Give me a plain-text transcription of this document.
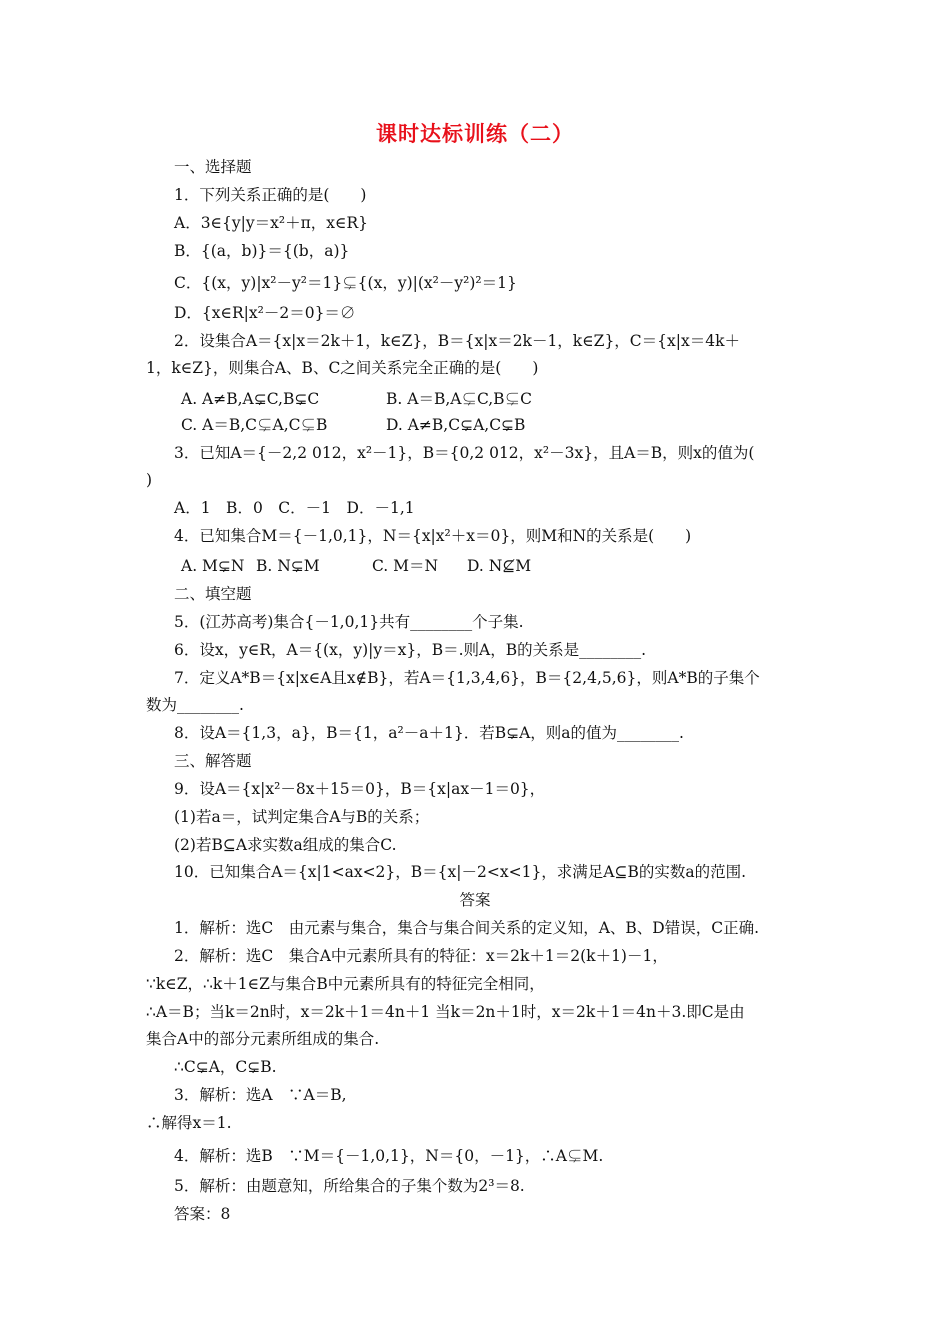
课时达标训练（二）
一、选择题
1．下列关系正确的是(　　)
A．3∈{y|y＝x²＋π，x∈R}
B．{(a，b)}＝{(b，a)}
C．{(x，y)|x²－y²＝1}⊊{(x，y)|(x²－y²)²＝1}
D．{x∈R|x²－2＝0}＝∅
2．设集合A＝{x|x＝2k＋1，k∈Z}，B＝{x|x＝2k－1，k∈Z}，C＝{x|x＝4k＋
1，k∈Z}，则集合A、B、C之间关系完全正确的是(　　)
A. A≠B,A⊊C,B⊊C	B. A＝B,A⊊C,B⊊C
C. A＝B,C⊊A,C⊊B	D. A≠B,C⊊A,C⊊B
3．已知A＝{－2,2 012，x²－1}，B＝{0,2 012，x²－3x}，且A＝B，则x的值为(
)
A．1　B．0　C．－1　D．－1,1
4．已知集合M＝{－1,0,1}，N＝{x|x²＋x＝0}，则M和N的关系是(　　)
A. M⊊N B. N⊊M	C. M＝N D. N⊈M
二、填空题
5．(江苏高考)集合{－1,0,1}共有________个子集.
6．设x，y∈R，A＝{(x，y)|y＝x}，B＝.则A，B的关系是________.
7．定义A*B＝{x|x∈A且x∉B}，若A＝{1,3,4,6}，B＝{2,4,5,6}，则A*B的子集个
数为________.
8．设A＝{1,3，a}，B＝{1，a²－a＋1}．若B⊊A，则a的值为________.
三、解答题
9．设A＝{x|x²－8x＋15＝0}，B＝{x|ax－1＝0}，
(1)若a＝，试判定集合A与B的关系；
(2)若B⊆A求实数a组成的集合C.
10．已知集合A＝{x|1<ax<2}，B＝{x|－2<x<1}，求满足A⊆B的实数a的范围.
答案
1．解析：选C　由元素与集合，集合与集合间关系的定义知，A、B、D错误，C正确.
2．解析：选C　集合A中元素所具有的特征：x＝2k＋1＝2(k＋1)－1，
∵k∈Z，∴k＋1∈Z与集合B中元素所具有的特征完全相同，
∴A＝B；当k＝2n时，x＝2k＋1＝4n＋1 当k＝2n＋1时，x＝2k＋1＝4n＋3.即C是由
集合A中的部分元素所组成的集合.
∴C⊊A，C⊊B.
3．解析：选A　∵A＝B,
∴解得x＝1.
4．解析：选B　∵M＝{－1,0,1}，N＝{0，－1}，∴A⊊M.
5．解析：由题意知，所给集合的子集个数为2³＝8.
答案：8
